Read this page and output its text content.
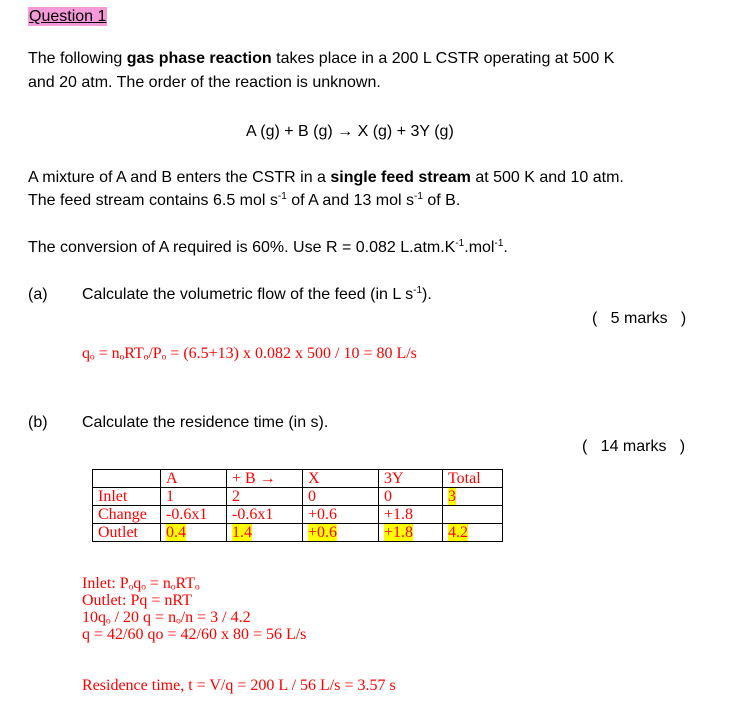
Question 1
The following gas phase reaction takes place in a 200 L CSTR operating at 500 K
and 20 atm. The order of the reaction is unknown.
A (g) + B (g) → X (g) + 3Y (g)
A mixture of A and B enters the CSTR in a single feed stream at 500 K and 10 atm.
The feed stream contains 6.5 mol $s^{-1}$ of A and 13 mol $s^{-1}$ of B.
The conversion of A required is 60%. Use R = 0.082 $L.atm.K^{-1}.mol^{-1}$.
(a) Calculate the volumetric flow of the feed (in L $s^{-1}$).
(   5 marks   )
qₒ = nₒRTₒ/Pₒ = (6.5+13) x 0.082 x 500 / 10 = 80 L/s
(b) Calculate the residence time (in s).
(   14 marks   )
	A	+ B →	X	3Y	Total
Inlet	1	2	0	0	3
Change	-0.6x1	-0.6x1	+0.6	+1.8	
Outlet	0.4	1.4	+0.6	+1.8	4.2
Inlet: Pₒqₒ = nₒRTₒ
Outlet: Pq = nRT
10qₒ / 20 q = nₒ/n = 3 / 4.2
q = 42/60 qo = 42/60 x 80 = 56 L/s
Residence time, t = V/q = 200 L / 56 L/s = 3.57 s
